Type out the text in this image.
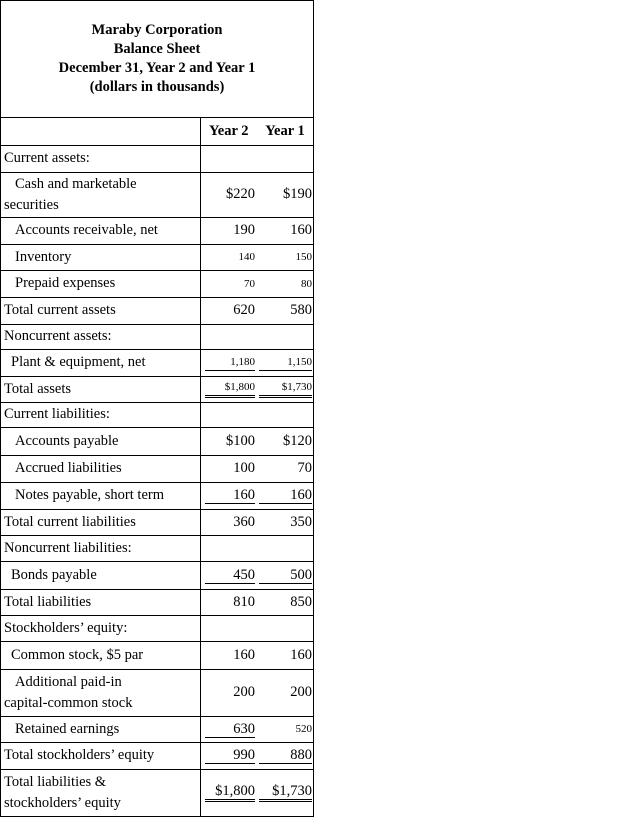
Maraby Corporation
Balance Sheet
December 31, Year 2 and Year 1
(dollars in thousands)
	Year 2	Year 1
Current assets:		

Cash and marketable
securities	$220	$190
Accounts receivable, net	190	160
Inventory	140	150
Prepaid expenses	70	80
Total current assets	620	580
Noncurrent assets:		
Plant & equipment, net	1,180	1,150
Total assets	$1,800	$1,730
Current liabilities:		
Accounts payable	$100	$120
Accrued liabilities	100	70
Notes payable, short term	160	160
Total current liabilities	360	350
Noncurrent liabilities:		
Bonds payable	450	500
Total liabilities	810	850
Stockholders’ equity:		
Common stock, $5 par	160	160

Additional paid-in
capital-common stock	200	200
Retained earnings	630	520
Total stockholders’ equity	990	880

Total liabilities &
stockholders’ equity	$1,800	$1,730
